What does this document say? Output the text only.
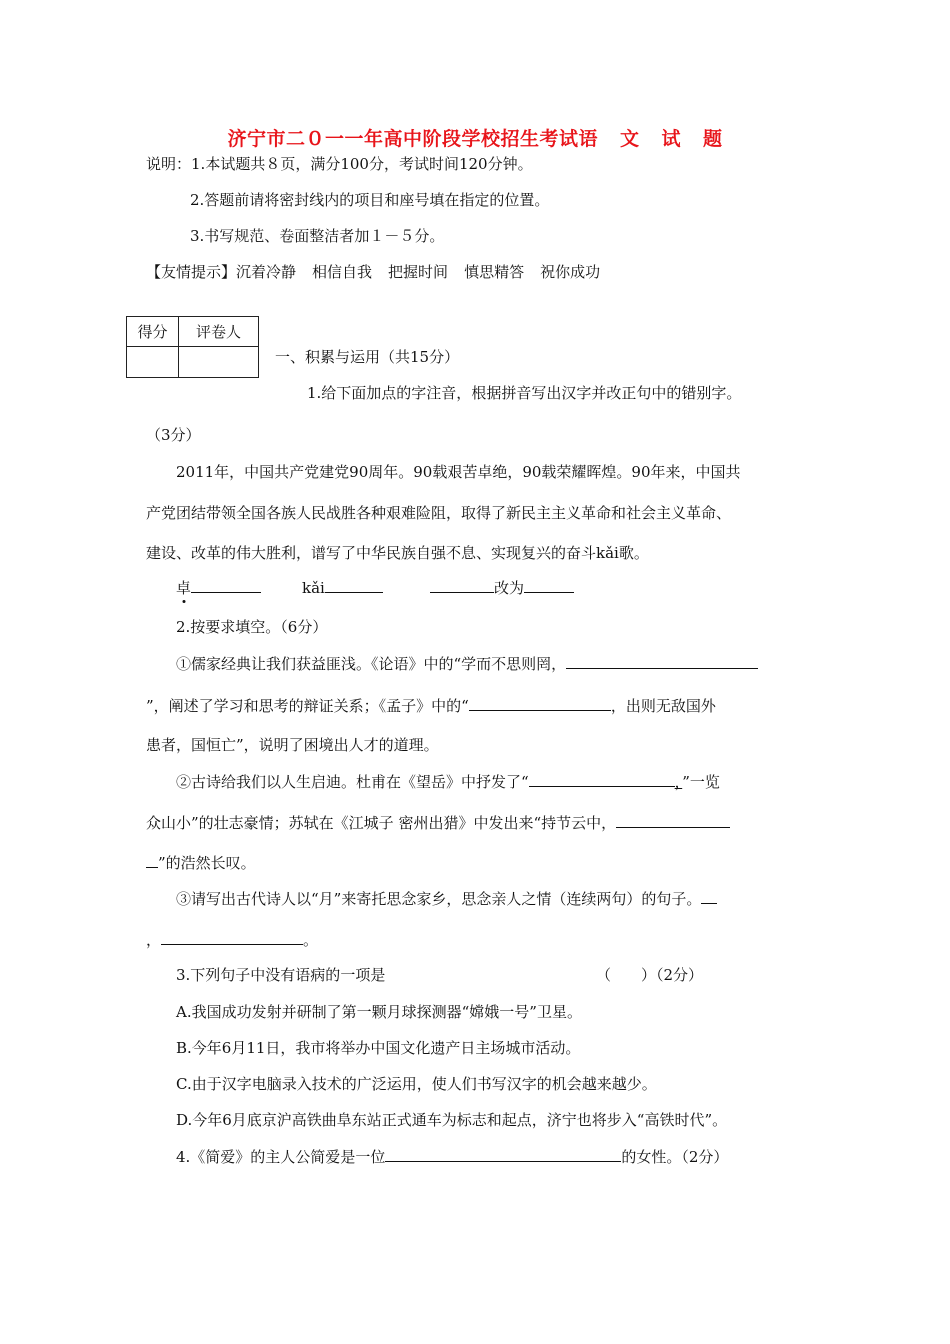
济宁市二０一一年高中阶段学校招生考试语 文 试 题
说明：1.本试题共８页，满分100分，考试时间120分钟。
2.答题前请将密封线内的项目和座号填在指定的位置。
3.书写规范、卷面整洁者加１－５分。
【友情提示】沉着冷静 相信自我 把握时间 慎思精答 祝你成功
得分	评卷人

一、积累与运用（共15分）
1.给下面加点的字注音，根据拼音写出汉字并改正句中的错别字。
（3分）
2011年，中国共产党建党90周年。90载艰苦卓绝，90载荣耀晖煌。90年来，中国共
产党团结带领全国各族人民战胜各种艰难险阻，取得了新民主主义革命和社会主义革命、
建设、改革的伟大胜利，谱写了中华民族自强不息、实现复兴的奋斗kǎi歌。
卓	kǎi	改为
2.按要求填空。（6分）
①儒家经典让我们获益匪浅。《论语》中的“学而不思则罔，
”，阐述了学习和思考的辩证关系；《孟子》中的“	，出则无敌国外
患者，国恒亡”，说明了困境出人才的道理。
②古诗给我们以人生启迪。杜甫在《望岳》中抒发了“	，”一览
众山小”的壮志豪情；苏轼在《江城子 密州出猎》中发出来“持节云中，
”的浩然长叹。
③请写出古代诗人以“月”来寄托思念家乡，思念亲人之情（连续两句）的句子。
，	。
3.下列句子中没有语病的一项是	（　　）（2分）
A.我国成功发射并研制了第一颗月球探测器“嫦娥一号”卫星。
B.今年6月11日，我市将举办中国文化遗产日主场城市活动。
C.由于汉字电脑录入技术的广泛运用，使人们书写汉字的机会越来越少。
D.今年6月底京沪高铁曲阜东站正式通车为标志和起点，济宁也将步入“高铁时代”。
4.《简爱》的主人公简爱是一位	的女性。（2分）
